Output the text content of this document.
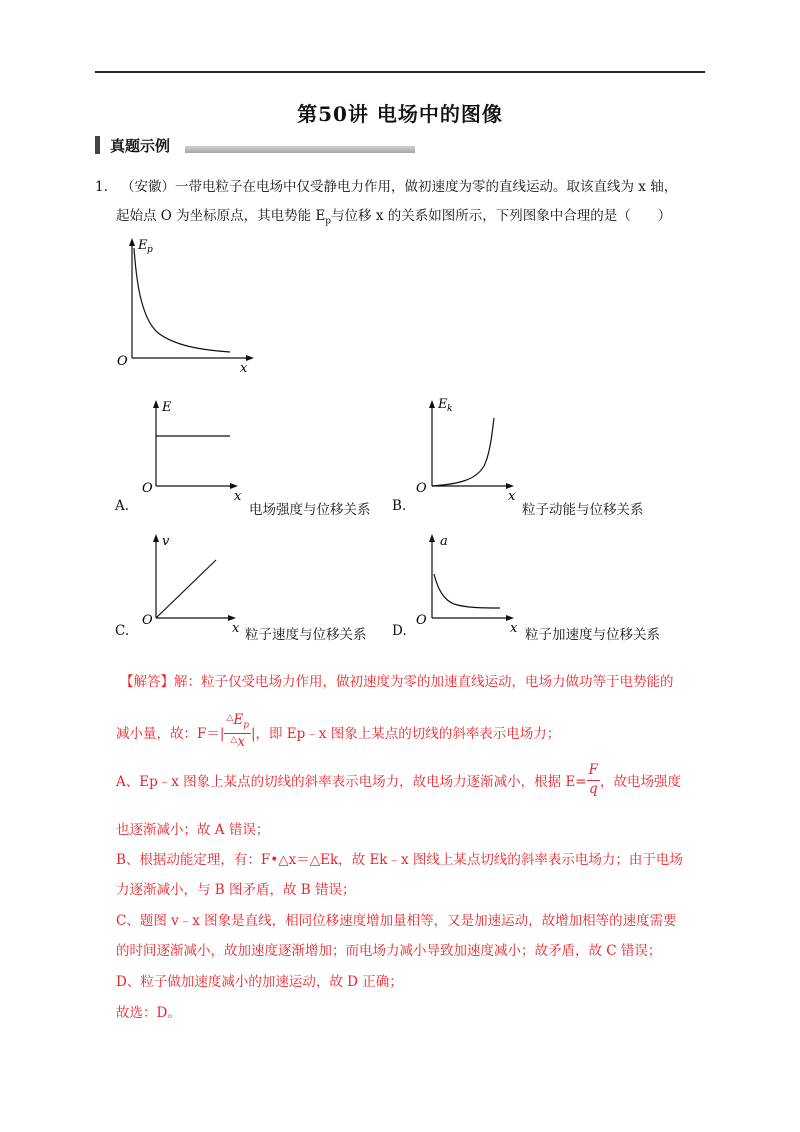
第50讲 电场中的图像
真题示例
1. （安徽）一带电粒子在电场中仅受静电力作用，做初速度为零的直线运动。取该直线为 x 轴，
起始点 O 为坐标原点，其电势能 $E_p$与位移 x 的关系如图所示，下列图象中合理的是（　　）
E p
O	x
E
O
x
A.	电场强度与位移关系
E k
O
x
B.	粒子动能与位移关系
v
O
x
C.	粒子速度与位移关系
a
O
x
D.	粒子加速度与位移关系
【解答】解：粒子仅受电场力作用，做初速度为零的加速直线运动，电场力做功等于电势能的
减小量，故：$F=| \frac{^\triangle E_p}{^\triangle x}$ |，即 Ep﹣x 图象上某点的切线的斜率表示电场力；
A、Ep﹣x 图象上某点的切线的斜率表示电场力，故电场力逐渐减小，根据 $E= \frac{F}{q}$ ，故电场强度
也逐渐减小；故 A 错误；
B、根据动能定理，有：F•△x＝△Ek，故 Ek﹣x 图线上某点切线的斜率表示电场力；由于电场
力逐渐减小，与 B 图矛盾，故 B 错误；
C、题图 v﹣x 图象是直线，相同位移速度增加量相等，又是加速运动，故增加相等的速度需要
的时间逐渐减小，故加速度逐渐增加；而电场力减小导致加速度减小；故矛盾，故 C 错误；
D、粒子做加速度减小的加速运动，故 D 正确；
故选：D。
